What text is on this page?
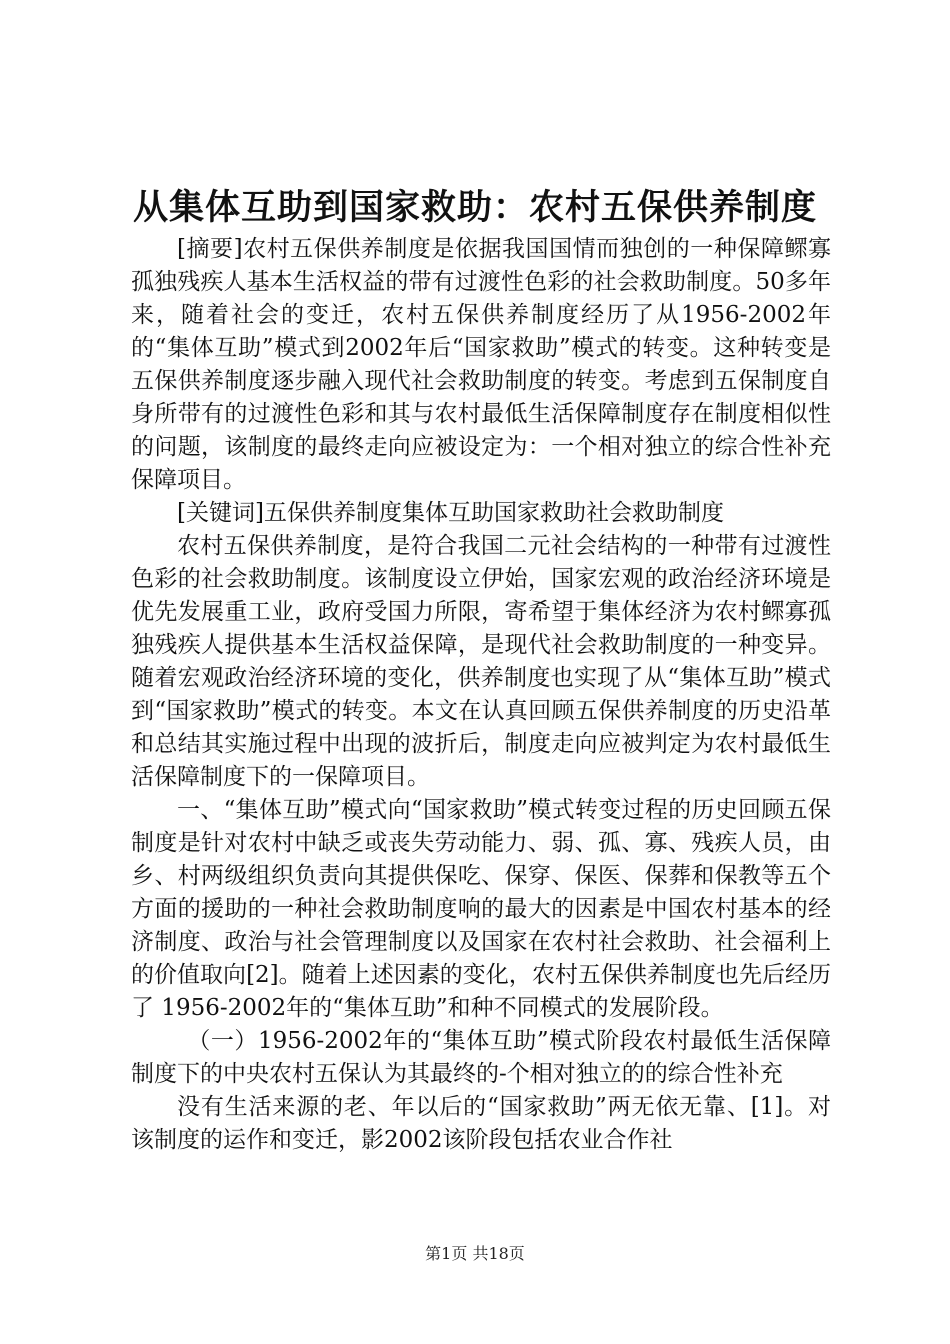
从集体互助到国家救助：农村五保供养制度

[摘要]农村五保供养制度是依据我国国情而独创的一种保障鳏寡孤独残疾人基本生活权益的带有过渡性色彩的社会救助制度。50多年来，随着社会的变迁，农村五保供养制度经历了从1956-2002年的“集体互助”模式到2002年后“国家救助”模式的转变。这种转变是五保供养制度逐步融入现代社会救助制度的转变。考虑到五保制度自身所带有的过渡性色彩和其与农村最低生活保障制度存在制度相似性的问题，该制度的最终走向应被设定为：一个相对独立的综合性补充保障项目。

[关键词]五保供养制度集体互助国家救助社会救助制度

农村五保供养制度，是符合我国二元社会结构的一种带有过渡性色彩的社会救助制度。该制度设立伊始，国家宏观的政治经济环境是优先发展重工业，政府受国力所限，寄希望于集体经济为农村鳏寡孤独残疾人提供基本生活权益保障，是现代社会救助制度的一种变异。随着宏观政治经济环境的变化，供养制度也实现了从“集体互助”模式到“国家救助”模式的转变。本文在认真回顾五保供养制度的历史沿革和总结其实施过程中出现的波折后，制度走向应被判定为农村最低生活保障制度下的一保障项目。

一、“集体互助”模式向“国家救助”模式转变过程的历史回顾五保制度是针对农村中缺乏或丧失劳动能力、弱、孤、寡、残疾人员，由乡、村两级组织负责向其提供保吃、保穿、保医、保葬和保教等五个方面的援助的一种社会救助制度响的最大的因素是中国农村基本的经济制度、政治与社会管理制度以及国家在农村社会救助、社会福利上的价值取向[2]。随着上述因素的变化，农村五保供养制度也先后经历了 1956-2002年的“集体互助”和种不同模式的发展阶段。

（一）1956-2002年的“集体互助”模式阶段农村最低生活保障制度下的中央农村五保认为其最终的-个相对独立的的综合性补充

没有生活来源的老、年以后的“国家救助”两无依无靠、[1]。对该制度的运作和变迁，影2002该阶段包括农业合作社

第1页 共18页
